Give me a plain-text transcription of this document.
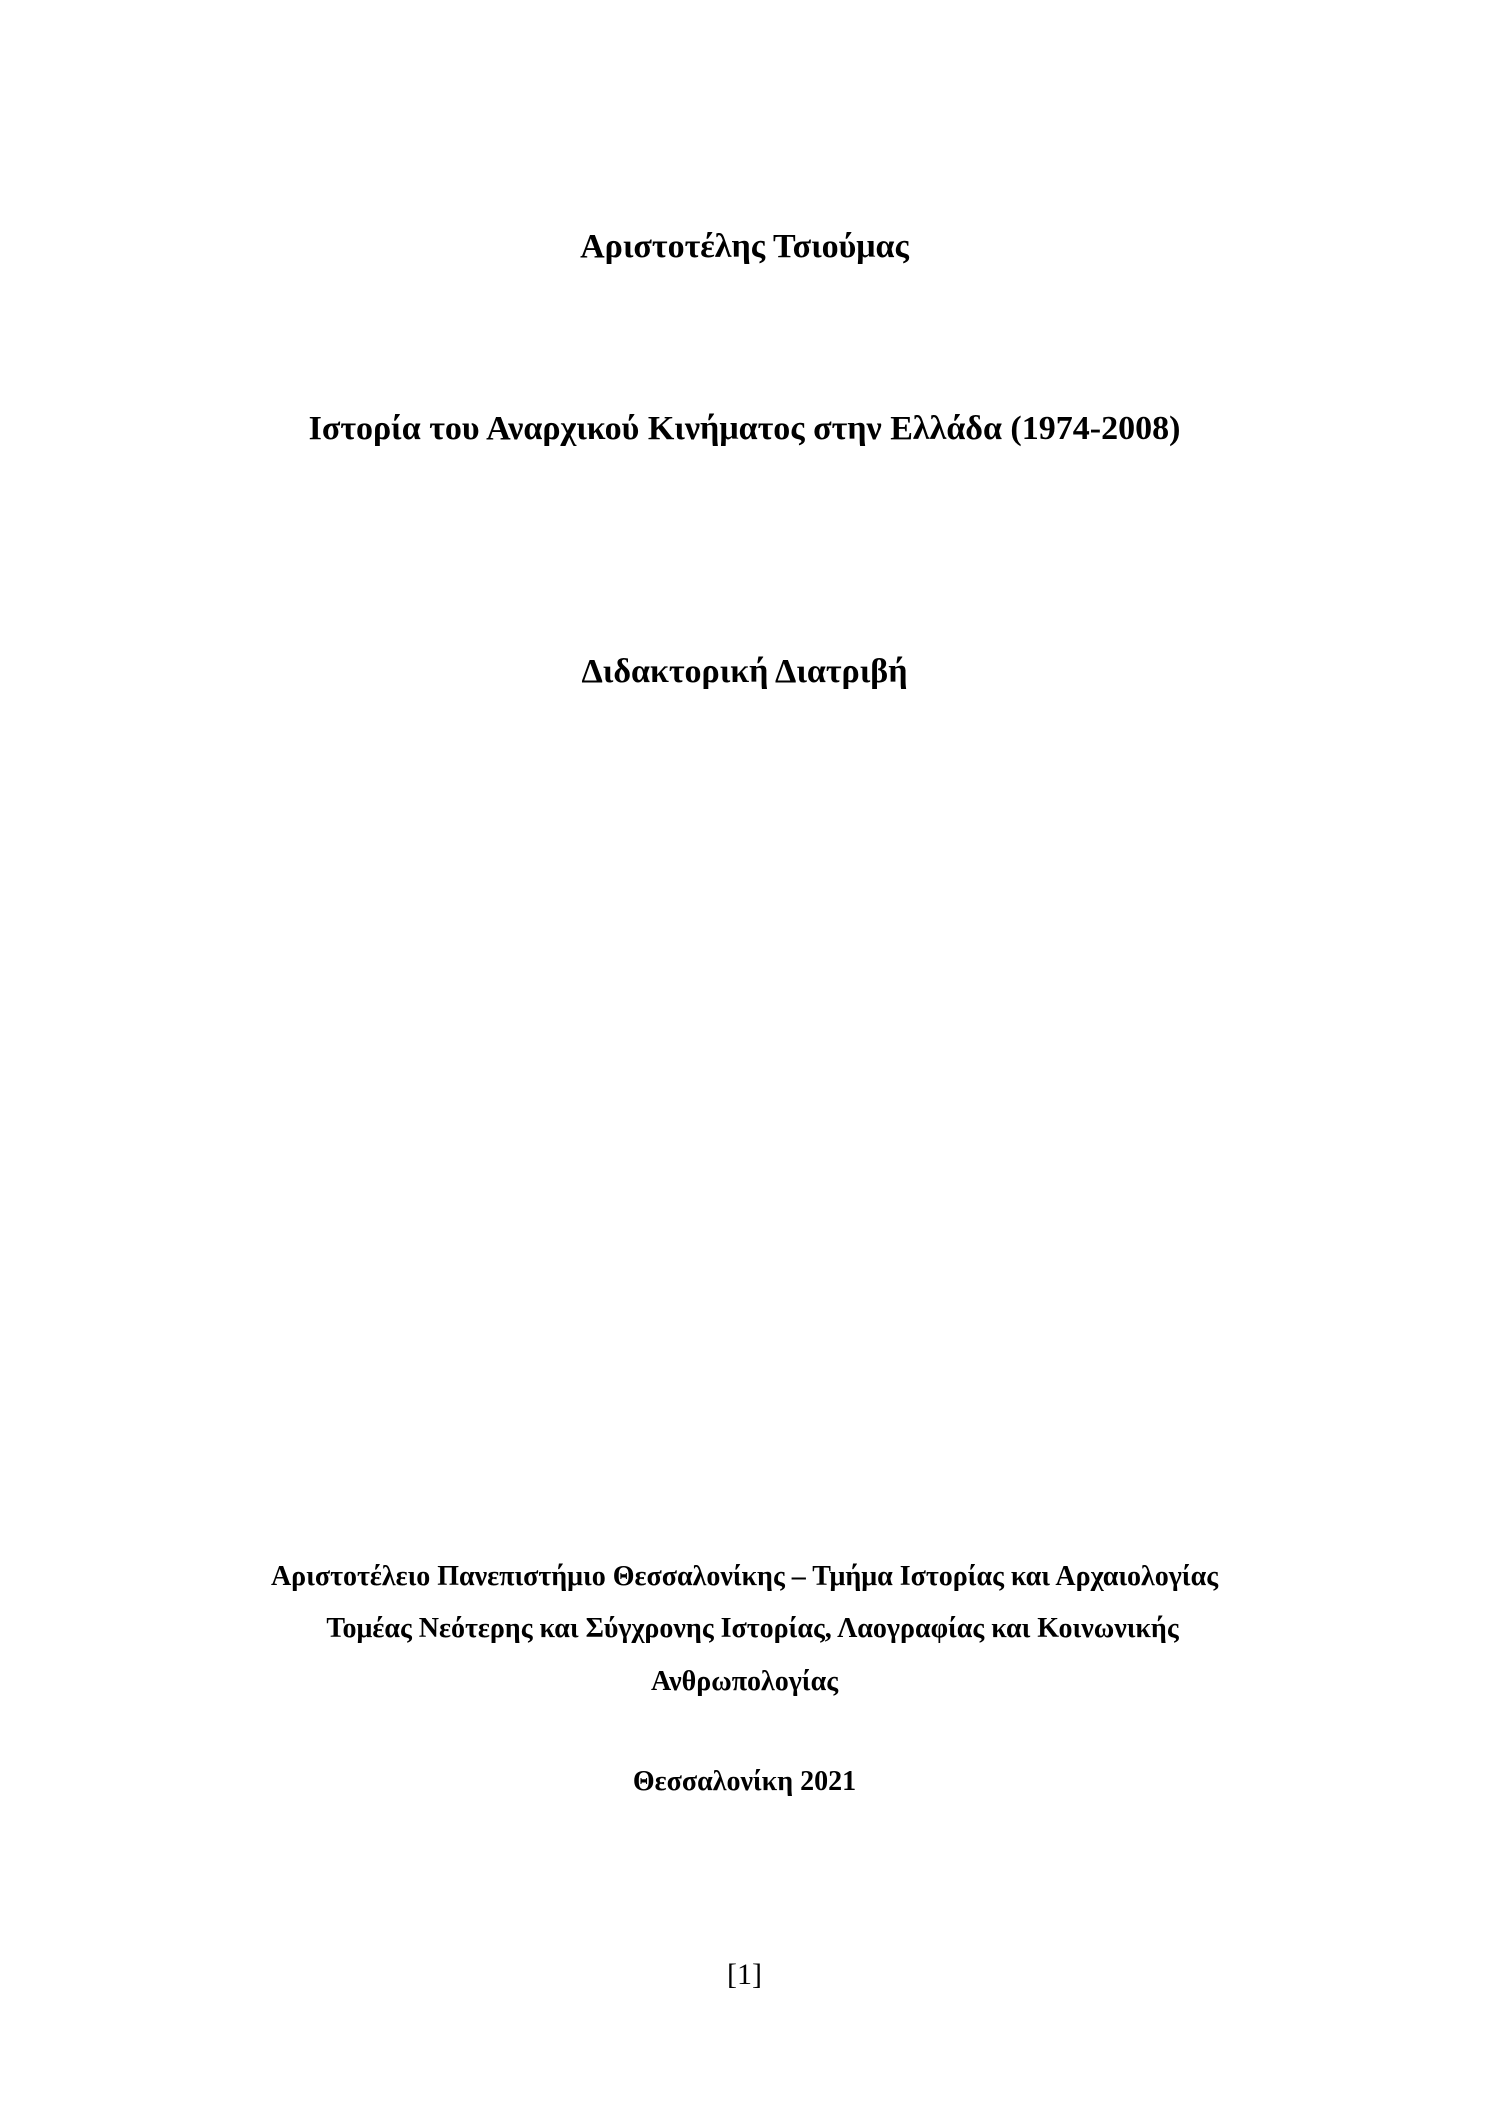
Αριστοτέλης Τσιούμας
Ιστορία του Αναρχικού Κινήματος στην Ελλάδα (1974-2008)
Διδακτορική Διατριβή
Αριστοτέλειο Πανεπιστήμιο Θεσσαλονίκης – Τμήμα Ιστορίας και Αρχαιολογίας
Τομέας Νεότερης και Σύγχρονης Ιστορίας, Λαογραφίας και Κοινωνικής
Ανθρωπολογίας
Θεσσαλονίκη 2021
[1]
